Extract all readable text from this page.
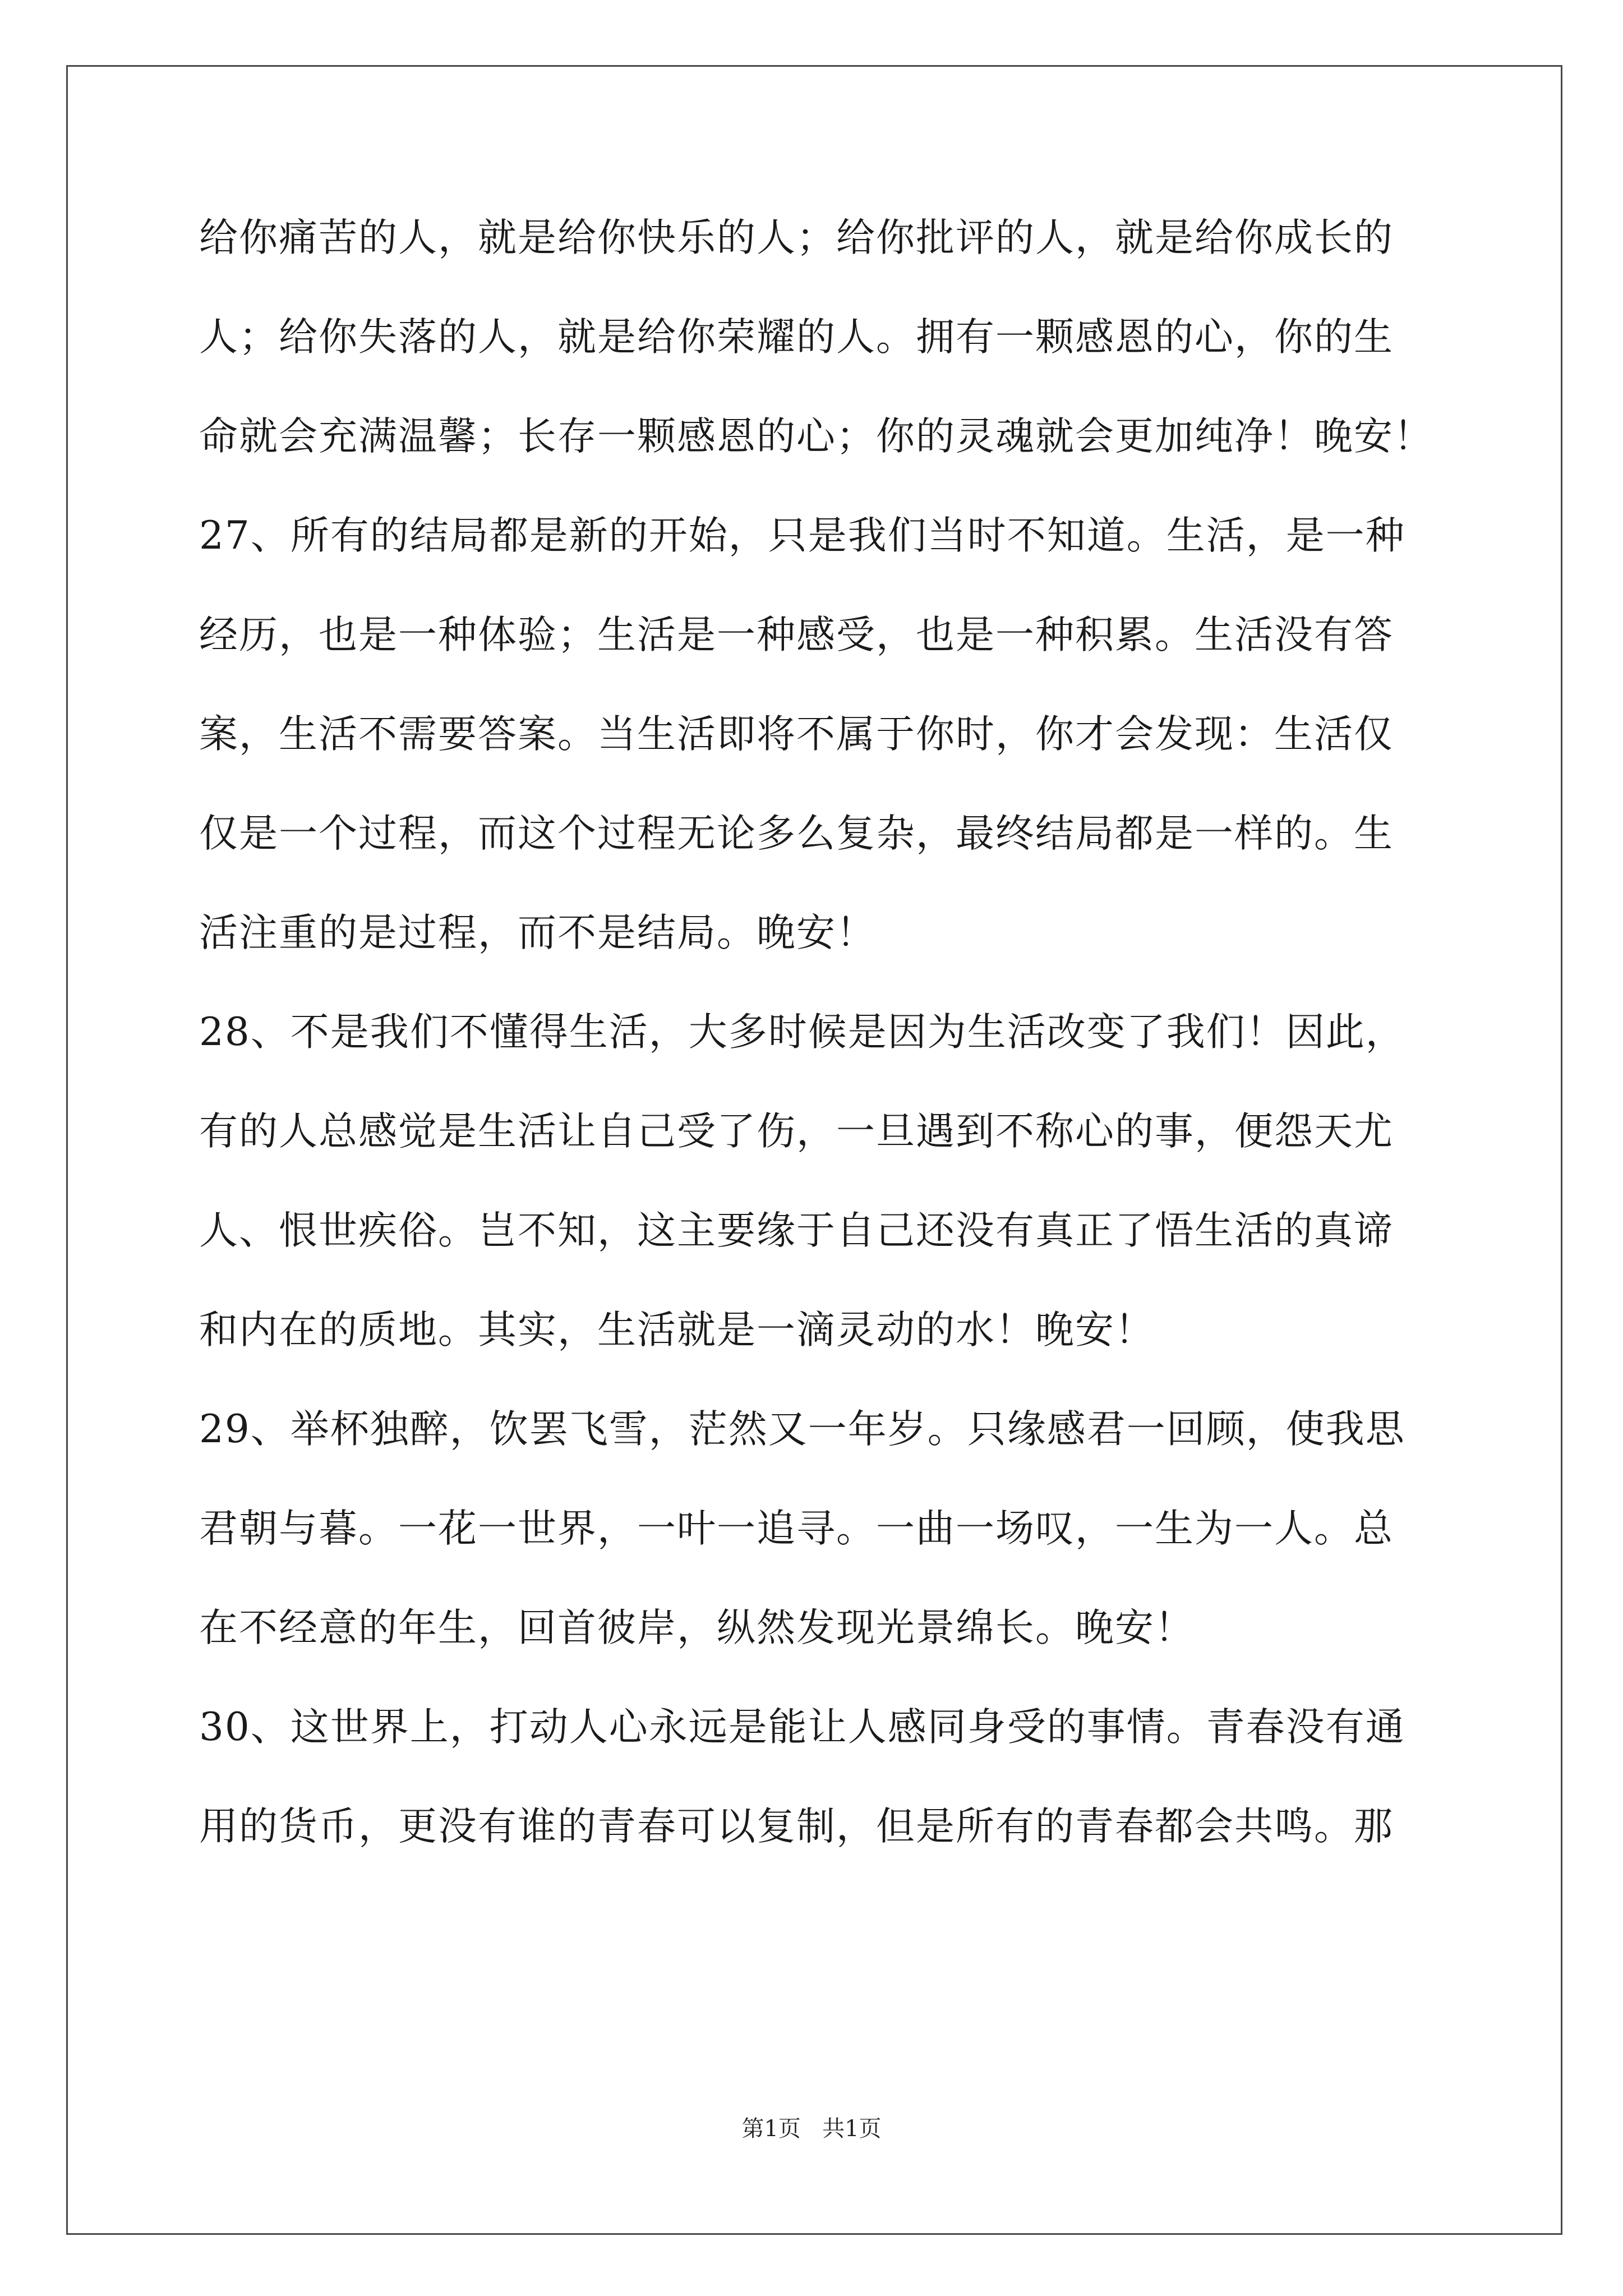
给你痛苦的人，就是给你快乐的人；给你批评的人，就是给你成长的
人；给你失落的人，就是给你荣耀的人。拥有一颗感恩的心，你的生
命就会充满温馨；长存一颗感恩的心；你的灵魂就会更加纯净！晚安！
27、所有的结局都是新的开始，只是我们当时不知道。生活，是一种
经历，也是一种体验；生活是一种感受，也是一种积累。生活没有答
案，生活不需要答案。当生活即将不属于你时，你才会发现：生活仅
仅是一个过程，而这个过程无论多么复杂，最终结局都是一样的。生
活注重的是过程，而不是结局。晚安！
28、不是我们不懂得生活，大多时候是因为生活改变了我们！因此，
有的人总感觉是生活让自己受了伤，一旦遇到不称心的事，便怨天尤
人、恨世疾俗。岂不知，这主要缘于自己还没有真正了悟生活的真谛
和内在的质地。其实，生活就是一滴灵动的水！晚安！
29、举杯独醉，饮罢飞雪，茫然又一年岁。只缘感君一回顾，使我思
君朝与暮。一花一世界，一叶一追寻。一曲一场叹，一生为一人。总
在不经意的年生，回首彼岸，纵然发现光景绵长。晚安！
30、这世界上，打动人心永远是能让人感同身受的事情。青春没有通
用的货币，更没有谁的青春可以复制，但是所有的青春都会共鸣。那
第1页 共1页
